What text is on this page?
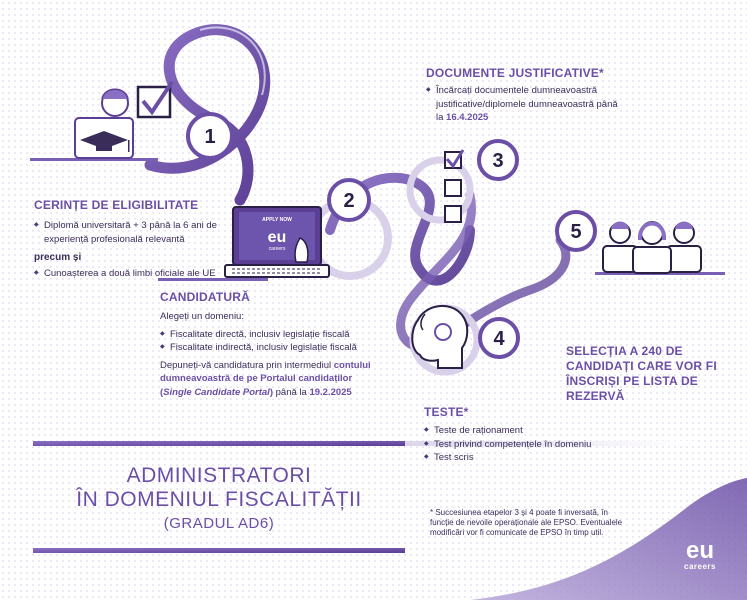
1
APPLY NOW
eu
careers
2
3
4
5
DOCUMENTE JUSTIFICATIVE*
◆ Încărcați documentele dumneavoastră justificative/diplomele dumneavoastră până la 16.4.2025
CERINȚE DE ELIGIBILITATE
◆ Diplomă universitară + 3 până la 6 ani de experiență profesională relevantă
precum și
◆ Cunoașterea a două limbi oficiale ale UE
CANDIDATURĂ
Alegeți un domeniu:
◆ Fiscalitate directă, inclusiv legislație fiscală
◆ Fiscalitate indirectă, inclusiv legislație fiscală
Depuneți-vă candidatura prin intermediul contului dumneavoastră de pe Portalul candidaților (Single Candidate Portal) până la 19.2.2025
SELECȚIA A 240 DE CANDIDAȚI CARE VOR FI ÎNSCRIȘI PE LISTA DE REZERVĂ
TESTE*
◆ Teste de raționament
◆ Test privind competențele în domeniu
◆ Test scris
ADMINISTRATORI
ÎN DOMENIUL FISCALITĂȚII
(GRADUL AD6)
* Succesiunea etapelor 3 și 4 poate fi inversată, în funcție de nevoile operaționale ale EPSO. Eventualele modificări vor fi comunicate de EPSO în timp util.
eu
careers
